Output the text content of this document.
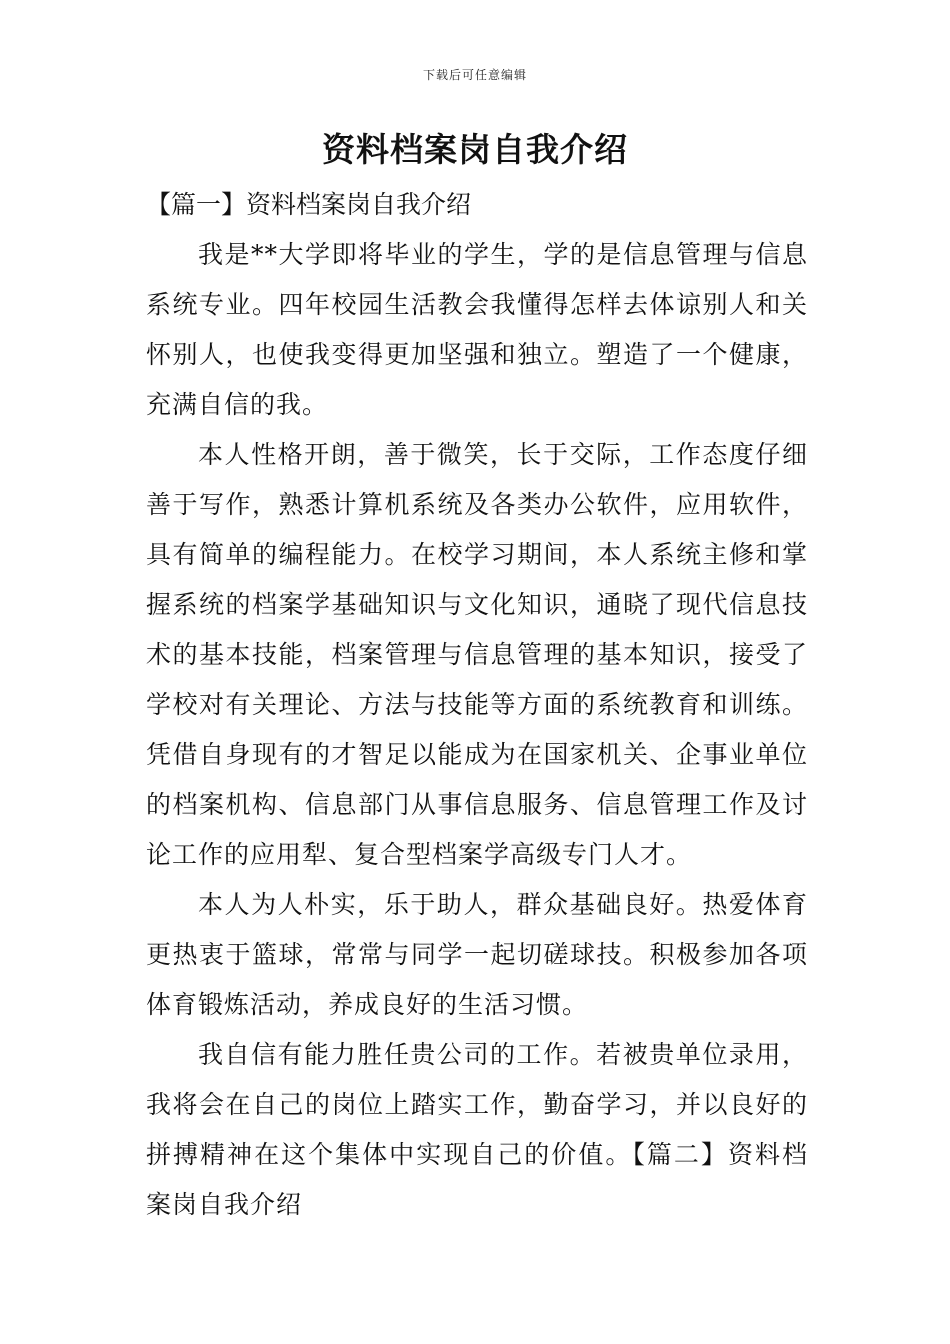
下载后可任意编辑
资料档案岗自我介绍

【篇一】资料档案岗自我介绍

我是**大学即将毕业的学生，学的是信息管理与信息系统专业。四年校园生活教会我懂得怎样去体谅别人和关怀别人，也使我变得更加坚强和独立。塑造了一个健康，充满自信的我。

本人性格开朗，善于微笑，长于交际，工作态度仔细善于写作，熟悉计算机系统及各类办公软件，应用软件，具有简单的编程能力。在校学习期间，本人系统主修和掌握系统的档案学基础知识与文化知识，通晓了现代信息技术的基本技能，档案管理与信息管理的基本知识，接受了学校对有关理论、方法与技能等方面的系统教育和训练。凭借自身现有的才智足以能成为在国家机关、企事业单位的档案机构、信息部门从事信息服务、信息管理工作及讨论工作的应用犁、复合型档案学高级专门人才。

本人为人朴实，乐于助人，群众基础良好。热爱体育更热衷于篮球，常常与同学一起切磋球技。积极参加各项体育锻炼活动，养成良好的生活习惯。

我自信有能力胜任贵公司的工作。若被贵单位录用，我将会在自己的岗位上踏实工作，勤奋学习，并以良好的拼搏精神在这个集体中实现自己的价值。【篇二】资料档案岗自我介绍
